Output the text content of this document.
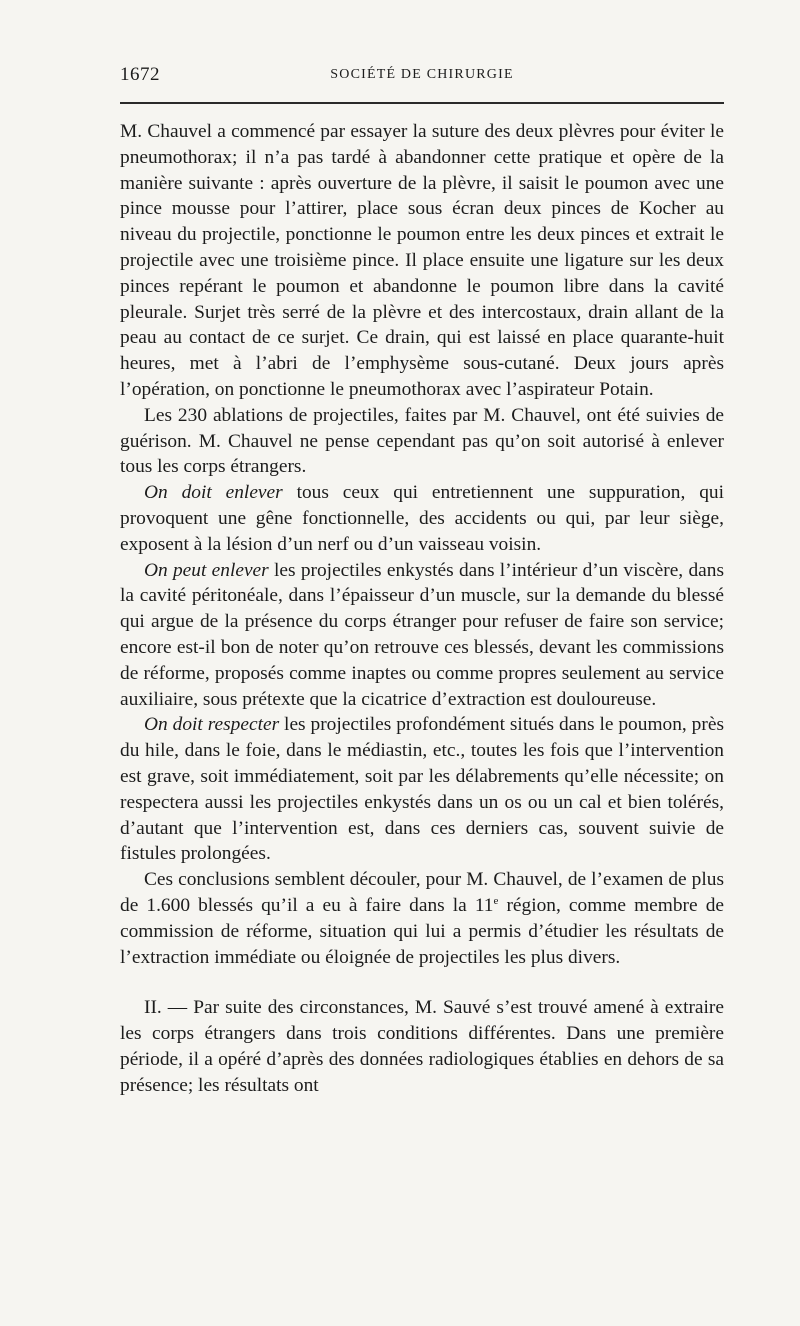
1672	SOCIÉTÉ DE CHIRURGIE

M. Chauvel a commencé par essayer la suture des deux plèvres pour éviter le pneumothorax; il n’a pas tardé à abandonner cette pratique et opère de la manière suivante : après ouverture de la plèvre, il saisit le poumon avec une pince mousse pour l’attirer, place sous écran deux pinces de Kocher au niveau du projectile, ponctionne le poumon entre les deux pinces et extrait le projectile avec une troisième pince. Il place ensuite une ligature sur les deux pinces repérant le poumon et abandonne le poumon libre dans la cavité pleurale. Surjet très serré de la plèvre et des intercostaux, drain allant de la peau au contact de ce surjet. Ce drain, qui est laissé en place quarante-huit heures, met à l’abri de l’emphysème sous-cutané. Deux jours après l’opération, on ponctionne le pneumothorax avec l’aspirateur Potain.

Les 230 ablations de projectiles, faites par M. Chauvel, ont été suivies de guérison. M. Chauvel ne pense cependant pas qu’on soit autorisé à enlever tous les corps étrangers.

On doit enlever tous ceux qui entretiennent une suppuration, qui provoquent une gêne fonctionnelle, des accidents ou qui, par leur siège, exposent à la lésion d’un nerf ou d’un vaisseau voisin.

On peut enlever les projectiles enkystés dans l’intérieur d’un viscère, dans la cavité péritonéale, dans l’épaisseur d’un muscle, sur la demande du blessé qui argue de la présence du corps étranger pour refuser de faire son service; encore est-il bon de noter qu’on retrouve ces blessés, devant les commissions de réforme, proposés comme inaptes ou comme propres seulement au service auxiliaire, sous prétexte que la cicatrice d’extraction est douloureuse.

On doit respecter les projectiles profondément situés dans le poumon, près du hile, dans le foie, dans le médiastin, etc., toutes les fois que l’intervention est grave, soit immédiatement, soit par les délabrements qu’elle nécessite; on respectera aussi les projectiles enkystés dans un os ou un cal et bien tolérés, d’autant que l’intervention est, dans ces derniers cas, souvent suivie de fistules prolongées.

Ces conclusions semblent découler, pour M. Chauvel, de l’examen de plus de 1.600 blessés qu’il a eu à faire dans la 11e région, comme membre de commission de réforme, situation qui lui a permis d’étudier les résultats de l’extraction immédiate ou éloignée de projectiles les plus divers.

II. — Par suite des circonstances, M. Sauvé s’est trouvé amené à extraire les corps étrangers dans trois conditions différentes. Dans une première période, il a opéré d’après des données radiologiques établies en dehors de sa présence; les résultats ont
